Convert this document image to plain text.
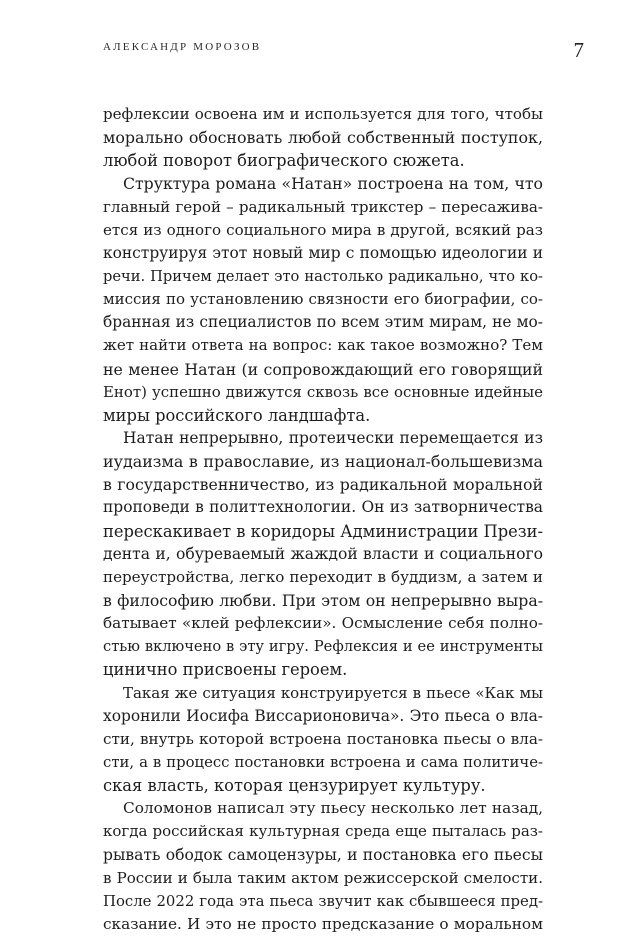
АЛЕКСАНДР МОРОЗОВ	7
рефлексии освоена им и используется для того, чтобы
морально обосновать любой собственный поступок,
любой поворот биографического сюжета.
Структура романа «Натан» построена на том, что
главный герой – радикальный трикстер – пересажива-
ется из одного социального мира в другой, всякий раз
конструируя этот новый мир с помощью идеологии и
речи. Причем делает это настолько радикально, что ко-
миссия по установлению связности его биографии, со-
бранная из специалистов по всем этим мирам, не мо-
жет найти ответа на вопрос: как такое возможно? Тем
не менее Натан (и сопровождающий его говорящий
Енот) успешно движутся сквозь все основные идейные
миры российского ландшафта.
Натан непрерывно, протеически перемещается из
иудаизма в православие, из национал-большевизма
в государственничество, из радикальной моральной
проповеди в политтехнологии. Он из затворничества
перескакивает в коридоры Администрации Прези-
дента и, обуреваемый жаждой власти и социального
переустройства, легко переходит в буддизм, а затем и
в философию любви. При этом он непрерывно выра-
батывает «клей рефлексии». Осмысление себя полно-
стью включено в эту игру. Рефлексия и ее инструменты
цинично присвоены героем.
Такая же ситуация конструируется в пьесе «Как мы
хоронили Иосифа Виссарионовича». Это пьеса о вла-
сти, внутрь которой встроена постановка пьесы о вла-
сти, а в процесс постановки встроена и сама политиче-
ская власть, которая цензурирует культуру.
Соломонов написал эту пьесу несколько лет назад,
когда российская культурная среда еще пыталась раз-
рывать ободок самоцензуры, и постановка его пьесы
в России и была таким актом режиссерской смелости.
После 2022 года эта пьеса звучит как сбывшееся пред-
сказание. И это не просто предсказание о моральном
